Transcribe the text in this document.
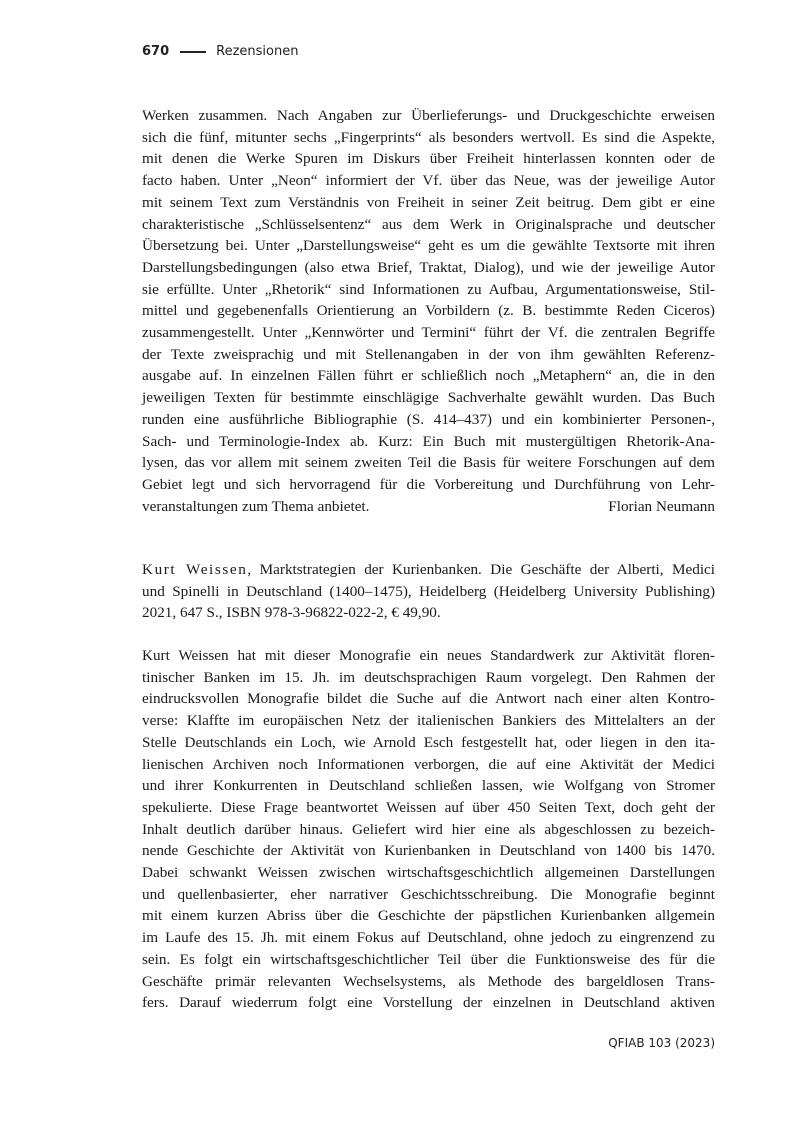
670	Rezensionen

Werken zusammen. Nach Angaben zur Überlieferungs- und Druckgeschichte erweisen
sich die fünf, mitunter sechs „Fingerprints“ als besonders wertvoll. Es sind die Aspekte,
mit denen die Werke Spuren im Diskurs über Freiheit hinterlassen konnten oder de
facto haben. Unter „Neon“ informiert der Vf. über das Neue, was der jeweilige Autor
mit seinem Text zum Verständnis von Freiheit in seiner Zeit beitrug. Dem gibt er eine
charakteristische „Schlüsselsentenz“ aus dem Werk in Originalsprache und deutscher
Übersetzung bei. Unter „Darstellungsweise“ geht es um die gewählte Textsorte mit ihren
Darstellungsbedingungen (also etwa Brief, Traktat, Dialog), und wie der jeweilige Autor
sie erfüllte. Unter „Rhetorik“ sind Informationen zu Aufbau, Argumentationsweise, Stil-
mittel und gegebenenfalls Orientierung an Vorbildern (z. B. bestimmte Reden Ciceros)
zusammengestellt. Unter „Kennwörter und Termini“ führt der Vf. die zentralen Begriffe
der Texte zweisprachig und mit Stellenangaben in der von ihm gewählten Referenz-
ausgabe auf. In einzelnen Fällen führt er schließlich noch „Metaphern“ an, die in den
jeweiligen Texten für bestimmte einschlägige Sachverhalte gewählt wurden. Das Buch
runden eine ausführliche Bibliographie (S. 414–437) und ein kombinierter Personen-,
Sach- und Terminologie-Index ab. Kurz: Ein Buch mit mustergültigen Rhetorik-Ana-
lysen, das vor allem mit seinem zweiten Teil die Basis für weitere Forschungen auf dem
Gebiet legt und sich hervorragend für die Vorbereitung und Durchführung von Lehr-
veranstaltungen zum Thema anbietet.	Florian Neumann

Kurt Weissen, Marktstrategien der Kurienbanken. Die Geschäfte der Alberti, Medici
und Spinelli in Deutschland (1400–1475), Heidelberg (Heidelberg University Publishing)
2021, 647 S., ISBN 978-3-96822-022-2, € 49,90.

Kurt Weissen hat mit dieser Monografie ein neues Standardwerk zur Aktivität floren-
tinischer Banken im 15. Jh. im deutschsprachigen Raum vorgelegt. Den Rahmen der
eindrucksvollen Monografie bildet die Suche auf die Antwort nach einer alten Kontro-
verse: Klaffte im europäischen Netz der italienischen Bankiers des Mittelalters an der
Stelle Deutschlands ein Loch, wie Arnold Esch festgestellt hat, oder liegen in den ita-
lienischen Archiven noch Informationen verborgen, die auf eine Aktivität der Medici
und ihrer Konkurrenten in Deutschland schließen lassen, wie Wolfgang von Stromer
spekulierte. Diese Frage beantwortet Weissen auf über 450 Seiten Text, doch geht der
Inhalt deutlich darüber hinaus. Geliefert wird hier eine als abgeschlossen zu bezeich-
nende Geschichte der Aktivität von Kurienbanken in Deutschland von 1400 bis 1470.
Dabei schwankt Weissen zwischen wirtschaftsgeschichtlich allgemeinen Darstellungen
und quellenbasierter, eher narrativer Geschichtsschreibung. Die Monografie beginnt
mit einem kurzen Abriss über die Geschichte der päpstlichen Kurienbanken allgemein
im Laufe des 15. Jh. mit einem Fokus auf Deutschland, ohne jedoch zu eingrenzend zu
sein. Es folgt ein wirtschaftsgeschichtlicher Teil über die Funktionsweise des für die
Geschäfte primär relevanten Wechselsystems, als Methode des bargeldlosen Trans-
fers. Darauf wiederrum folgt eine Vorstellung der einzelnen in Deutschland aktiven

QFIAB 103 (2023)
